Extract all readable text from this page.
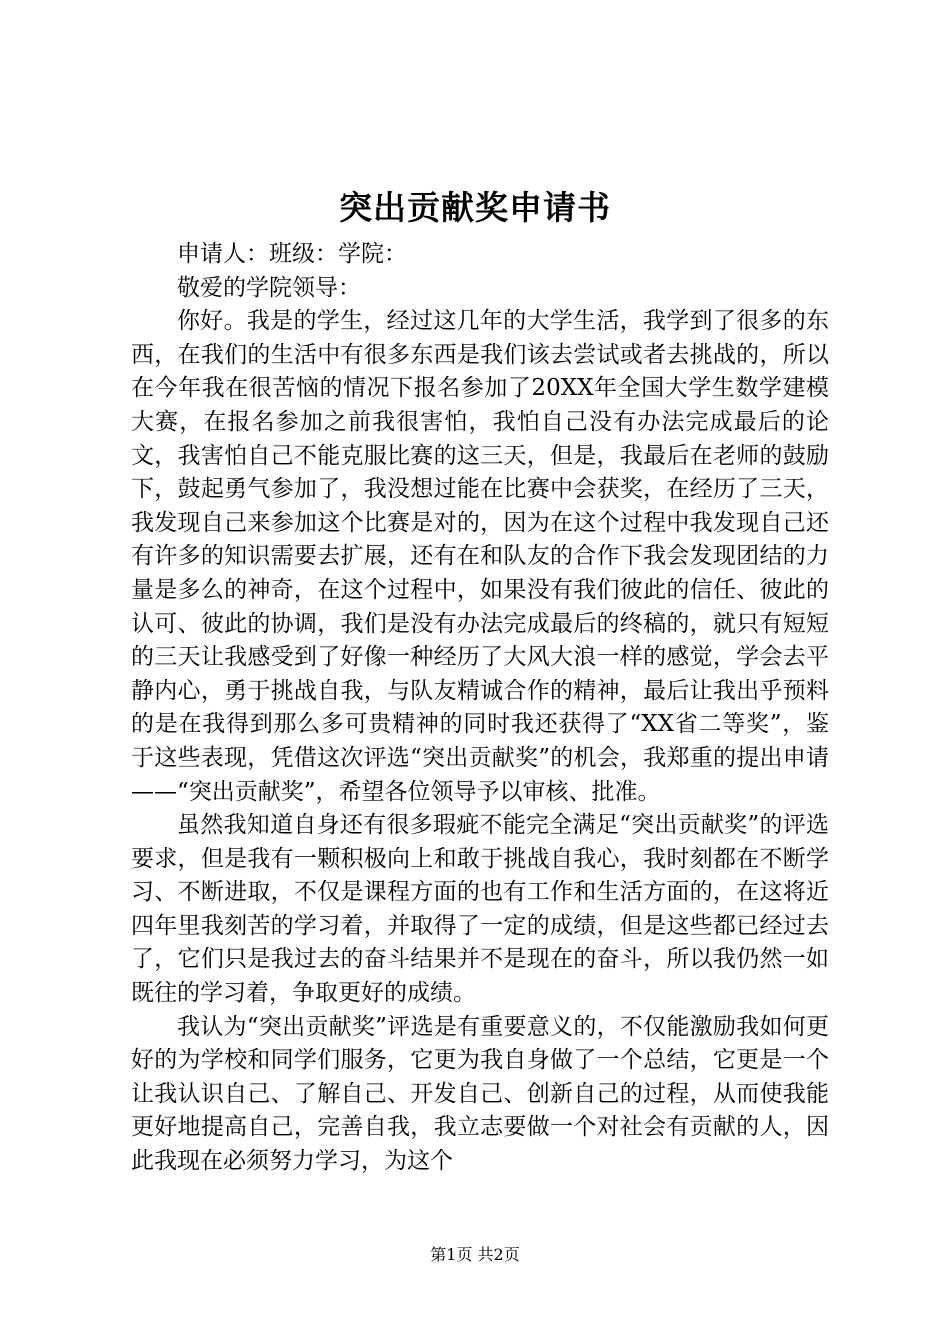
突出贡献奖申请书

申请人：班级：学院：

敬爱的学院领导：

你好。我是的学生，经过这几年的大学生活，我学到了很多的东西，在我们的生活中有很多东西是我们该去尝试或者去挑战的，所以在今年我在很苦恼的情况下报名参加了20XX年全国大学生数学建模大赛，在报名参加之前我很害怕，我怕自己没有办法完成最后的论文，我害怕自己不能克服比赛的这三天，但是，我最后在老师的鼓励下，鼓起勇气参加了，我没想过能在比赛中会获奖，在经历了三天，我发现自己来参加这个比赛是对的，因为在这个过程中我发现自己还有许多的知识需要去扩展，还有在和队友的合作下我会发现团结的力量是多么的神奇，在这个过程中，如果没有我们彼此的信任、彼此的认可、彼此的协调，我们是没有办法完成最后的终稿的，就只有短短的三天让我感受到了好像一种经历了大风大浪一样的感觉，学会去平静内心，勇于挑战自我，与队友精诚合作的精神，最后让我出乎预料的是在我得到那么多可贵精神的同时我还获得了“XX省二等奖”，鉴于这些表现，凭借这次评选“突出贡献奖”的机会，我郑重的提出申请——“突出贡献奖”，希望各位领导予以审核、批准。

虽然我知道自身还有很多瑕疵不能完全满足“突出贡献奖”的评选要求，但是我有一颗积极向上和敢于挑战自我心，我时刻都在不断学习、不断进取，不仅是课程方面的也有工作和生活方面的，在这将近四年里我刻苦的学习着，并取得了一定的成绩，但是这些都已经过去了，它们只是我过去的奋斗结果并不是现在的奋斗，所以我仍然一如既往的学习着，争取更好的成绩。

我认为“突出贡献奖”评选是有重要意义的，不仅能激励我如何更好的为学校和同学们服务，它更为我自身做了一个总结，它更是一个让我认识自己、了解自己、开发自己、创新自己的过程，从而使我能更好地提高自己，完善自我，我立志要做一个对社会有贡献的人，因此我现在必须努力学习，为这个

第1页 共2页
